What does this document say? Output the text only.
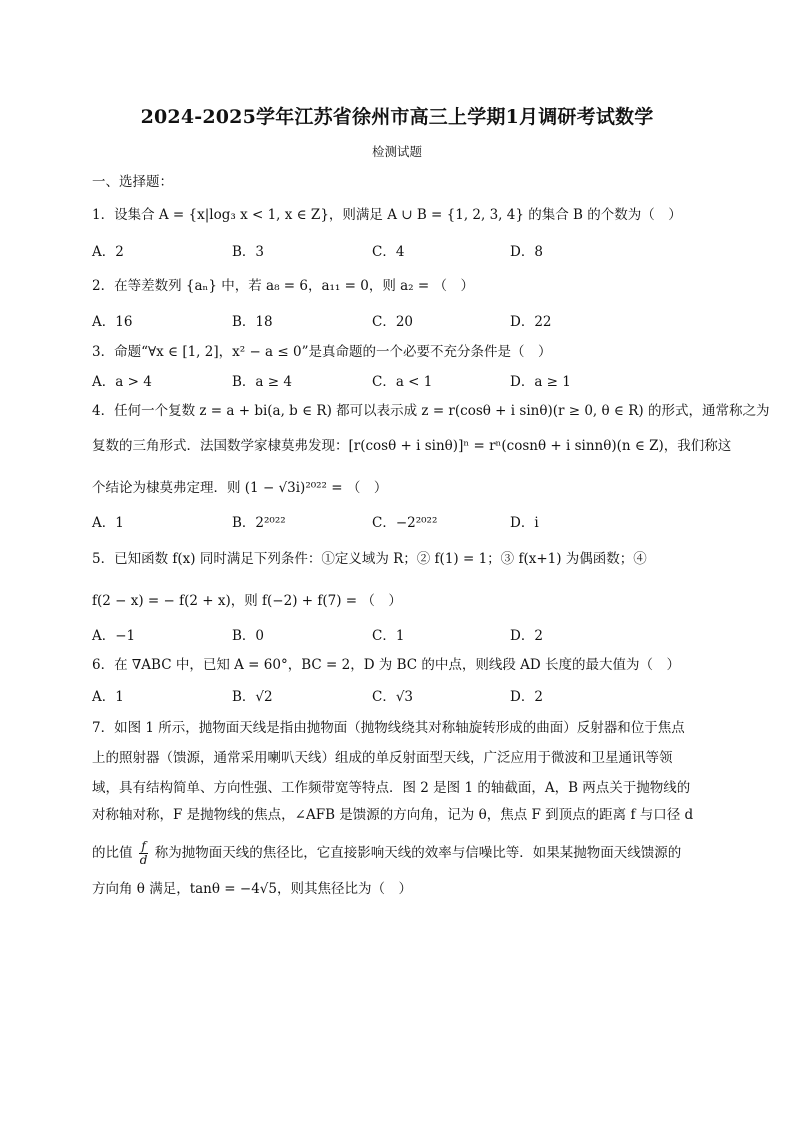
2024-2025学年江苏省徐州市高三上学期1月调研考试数学
检测试题
一、选择题：
1．设集合 A = {x|log₃ x < 1, x ∈ Z}，则满足 A ∪ B = {1, 2, 3, 4} 的集合 B 的个数为（　）
A．2	B．3	C．4	D．8
2．在等差数列 {aₙ} 中，若 a₈ = 6，a₁₁ = 0，则 a₂ = （　）
A．16	B．18	C．20	D．22
3．命题“∀x ∈ [1, 2]，x² − a ≤ 0”是真命题的一个必要不充分条件是（　）
A．a > 4	B．a ≥ 4	C．a < 1	D．a ≥ 1
4．任何一个复数 z = a + bi(a, b ∈ R) 都可以表示成 z = r(cosθ + i sinθ)(r ≥ 0, θ ∈ R) 的形式，通常称之为
复数的三角形式．法国数学家棣莫弗发现：[r(cosθ + i sinθ)]ⁿ = rⁿ(cosnθ + i sinnθ)(n ∈ Z)，我们称这
个结论为棣莫弗定理．则 (1 − √3i)²⁰²² = （　）
A．1	B．2²⁰²²	C．−2²⁰²²	D．i
5．已知函数 f(x) 同时满足下列条件：①定义域为 R；② f(1) = 1；③ f(x+1) 为偶函数；④
f(2 − x) = − f(2 + x)，则 f(−2) + f(7) = （　）
A．−1	B．0	C．1	D．2
6．在 ∇ABC 中，已知 A = 60°，BC = 2，D 为 BC 的中点，则线段 AD 长度的最大值为（　）
A．1	B．√2	C．√3	D．2
7．如图 1 所示，抛物面天线是指由抛物面（抛物线绕其对称轴旋转形成的曲面）反射器和位于焦点
上的照射器（馈源，通常采用喇叭天线）组成的单反射面型天线，广泛应用于微波和卫星通讯等领
域，具有结构简单、方向性强、工作频带宽等特点．图 2 是图 1 的轴截面，A，B 两点关于抛物线的
对称轴对称，F 是抛物线的焦点，∠AFB 是馈源的方向角，记为 θ，焦点 F 到顶点的距离 f 与口径 d
的比值 $\frac{f}{d}$ 称为抛物面天线的焦径比，它直接影响天线的效率与信噪比等．如果某抛物面天线馈源的
方向角 θ 满足，tanθ = −4√5，则其焦径比为（　）
